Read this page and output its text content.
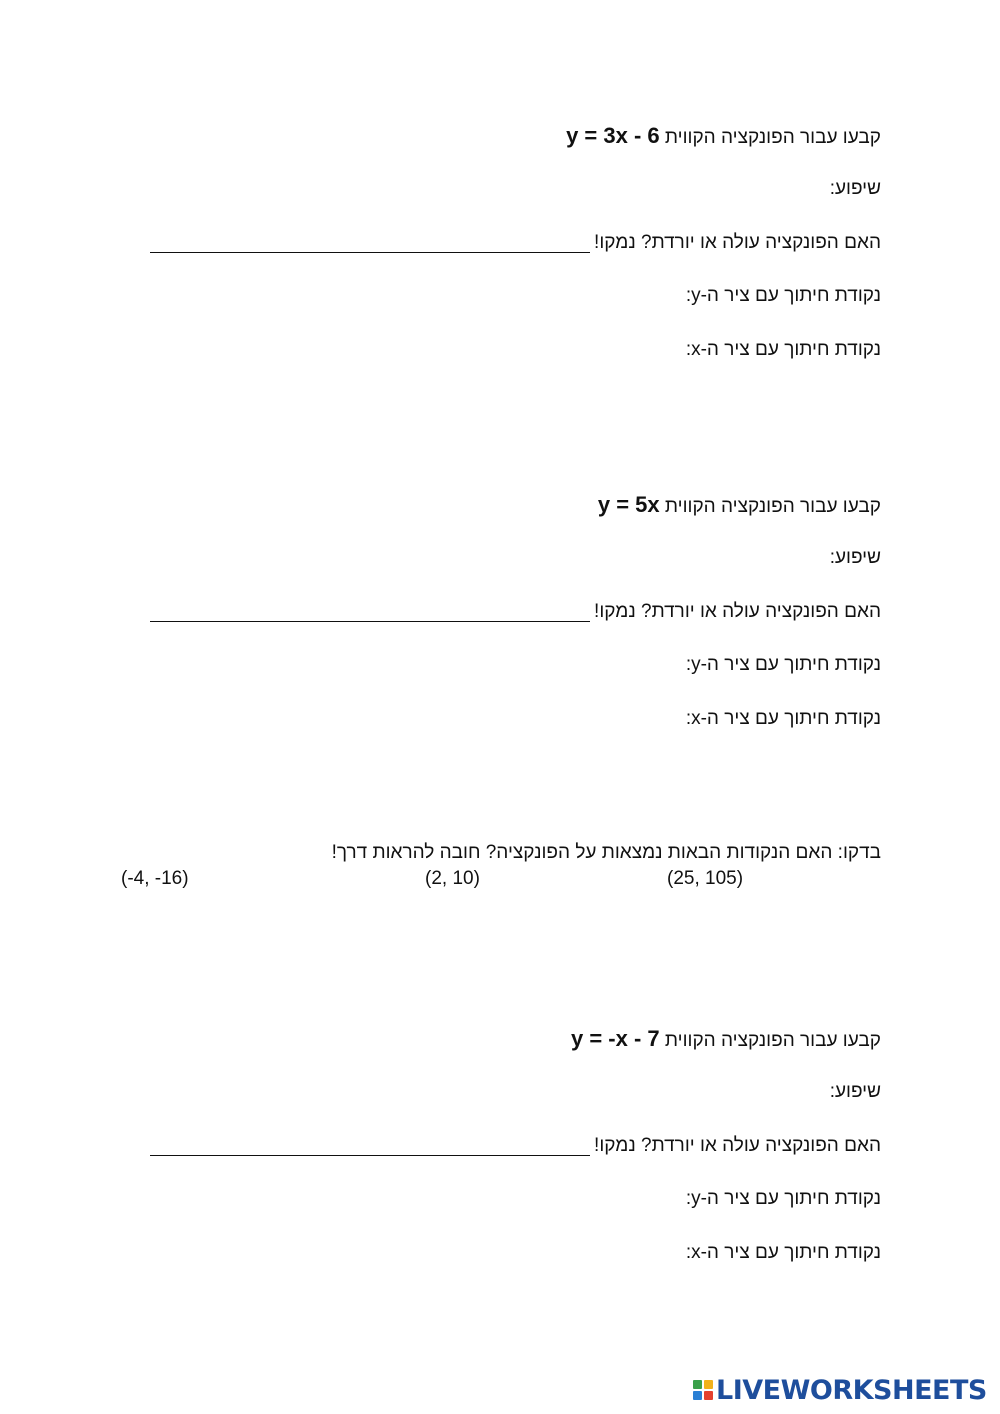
קבעו עבור הפונקציה הקווית y = 3x - 6
שיפוע:
האם הפונקציה עולה או יורדת? נמקו!
נקודת חיתוך עם ציר ה-y:
נקודת חיתוך עם ציר ה-x:
קבעו עבור הפונקציה הקווית y = 5x
שיפוע:
האם הפונקציה עולה או יורדת? נמקו!
נקודת חיתוך עם ציר ה-y:
נקודת חיתוך עם ציר ה-x:
בדקו: האם הנקודות הבאות נמצאות על הפונקציה? חובה להראות דרך!
(25, 105)
(2, 10)
(-4, -16)
קבעו עבור הפונקציה הקווית y = -x - 7
שיפוע:
האם הפונקציה עולה או יורדת? נמקו!
נקודת חיתוך עם ציר ה-y:
נקודת חיתוך עם ציר ה-x:
LIVEWORKSHEETS
